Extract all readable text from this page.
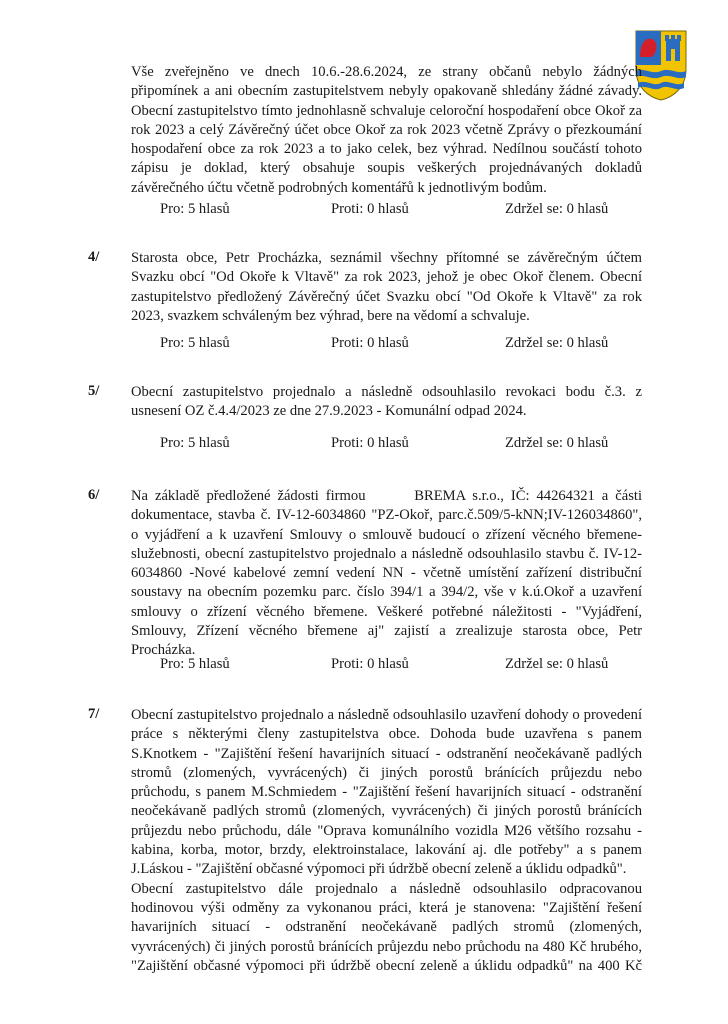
Vše zveřejněno ve dnech 10.6.-28.6.2024, ze strany občanů nebylo žádných
připomínek a ani obecním zastupitelstvem nebyly opakovaně shledány žádné závady.
Obecní zastupitelstvo tímto jednohlasně schvaluje celoroční hospodaření obce Okoř za
rok 2023 a celý Závěrečný účet obce Okoř za rok 2023 včetně Zprávy o přezkoumání
hospodaření obce za rok 2023 a to jako celek, bez výhrad. Nedílnou součástí tohoto
zápisu je doklad, který obsahuje soupis veškerých projednávaných dokladů
závěrečného účtu včetně podrobných komentářů k jednotlivým bodům.
Pro: 5 hlasů	Proti: 0 hlasů	Zdržel se: 0 hlasů
4/ Starosta obce, Petr Procházka, seznámil všechny přítomné se závěrečným účtem
Svazku obcí "Od Okoře k Vltavě" za rok 2023, jehož je obec Okoř členem. Obecní
zastupitelstvo předložený Závěrečný účet Svazku obcí "Od Okoře k Vltavě" za rok
2023, svazkem schváleným bez výhrad, bere na vědomí a schvaluje.
Pro: 5 hlasů	Proti: 0 hlasů	Zdržel se: 0 hlasů
5/ Obecní zastupitelstvo projednalo a následně odsouhlasilo revokaci bodu č.3. z
usnesení OZ č.4.4/2023 ze dne 27.9.2023 - Komunální odpad 2024.
Pro: 5 hlasů	Proti: 0 hlasů	Zdržel se: 0 hlasů
6/ Na základě předložené žádosti firmou       BREMA s.r.o., IČ: 44264321 a části
dokumentace, stavba č. IV-12-6034860 "PZ-Okoř, parc.č.509/5-kNN;IV-126034860",
o vyjádření a k uzavření Smlouvy o smlouvě budoucí o zřízení věcného břemene-
služebnosti, obecní zastupitelstvo projednalo a následně odsouhlasilo stavbu č. IV-12-
6034860 -Nové kabelové zemní vedení NN - včetně umístění zařízení distribuční
soustavy na obecním pozemku parc. číslo 394/1 a 394/2, vše v k.ú.Okoř a uzavření
smlouvy o zřízení věcného břemene. Veškeré potřebné náležitosti - "Vyjádření,
Smlouvy, Zřízení věcného břemene aj" zajistí a zrealizuje starosta obce, Petr
Procházka.
Pro: 5 hlasů	Proti: 0 hlasů	Zdržel se: 0 hlasů
7/ Obecní zastupitelstvo projednalo a následně odsouhlasilo uzavření dohody o provedení
práce s některými členy zastupitelstva obce. Dohoda bude uzavřena s panem
S.Knotkem - "Zajištění řešení havarijních situací - odstranění neočekávaně padlých
stromů (zlomených, vyvrácených) či jiných porostů bránících průjezdu nebo
průchodu, s panem M.Schmiedem - "Zajištění řešení havarijních situací - odstranění
neočekávaně padlých stromů (zlomených, vyvrácených) či jiných porostů bránících
průjezdu nebo průchodu, dále "Oprava komunálního vozidla M26 většího rozsahu -
kabina, korba, motor, brzdy, elektroinstalace, lakování aj. dle potřeby" a s panem
J.Láskou - "Zajištění občasné výpomoci při údržbě obecní zeleně a úklidu odpadků".
Obecní zastupitelstvo dále projednalo a následně odsouhlasilo odpracovanou
hodinovou výši odměny za vykonanou práci, která je stanovena: "Zajištění řešení
havarijních situací - odstranění neočekávaně padlých stromů (zlomených,
vyvrácených) či jiných porostů bránících průjezdu nebo průchodu na 480 Kč hrubého,
"Zajištění občasné výpomoci při údržbě obecní zeleně a úklidu odpadků" na 400 Kč
